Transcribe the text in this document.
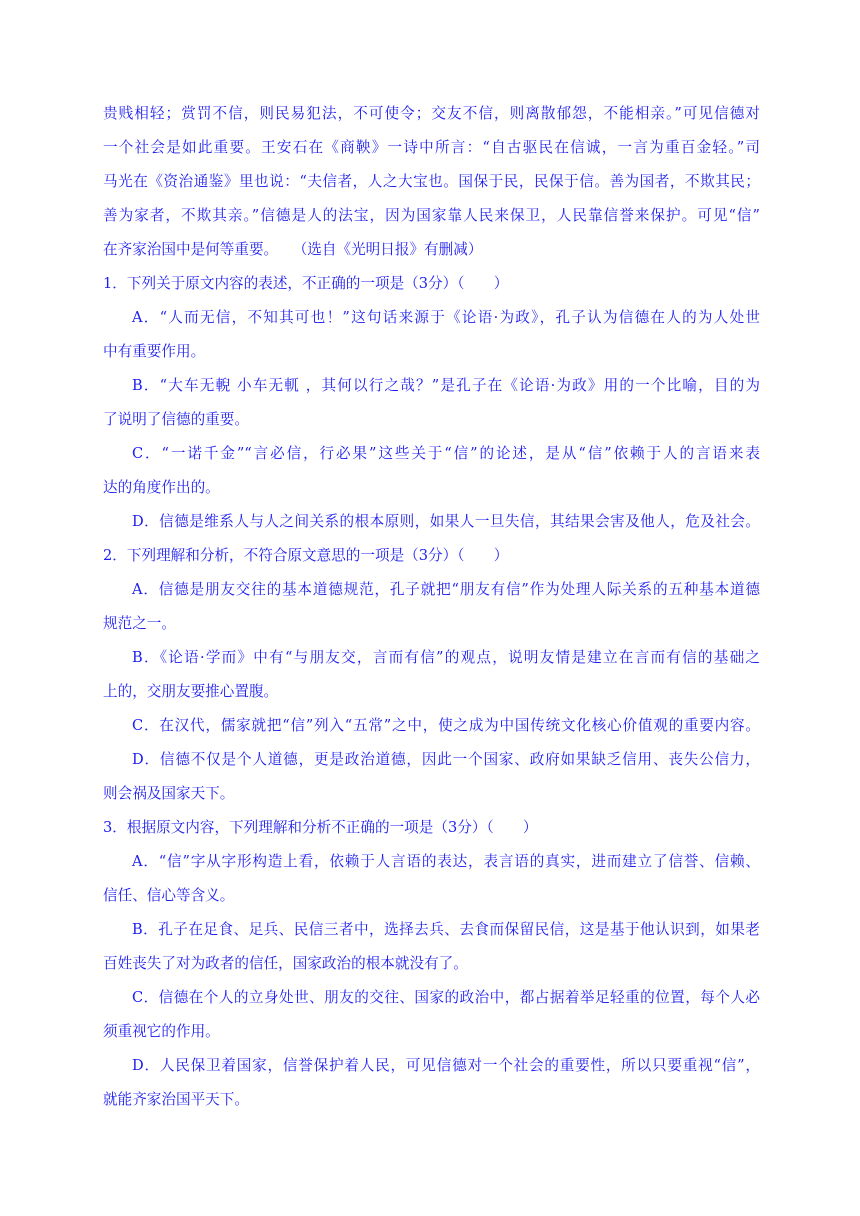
贵贱相轻；赏罚不信，则民易犯法，不可使令；交友不信，则离散郁怨，不能相亲。”可见信德对
一个社会是如此重要。王安石在《商鞅》一诗中所言：“自古驱民在信诚，一言为重百金轻。”司
马光在《资治通鉴》里也说：“夫信者，人之大宝也。国保于民，民保于信。善为国者，不欺其民；
善为家者，不欺其亲。”信德是人的法宝，因为国家靠人民来保卫，人民靠信誉来保护。可见“信”
在齐家治国中是何等重要。　　（选自《光明日报》有删减）
1．下列关于原文内容的表述，不正确的一项是（3分）（　　）
A．“人而无信，不知其可也！”这句话来源于《论语·为政》，孔子认为信德在人的为人处世
中有重要作用。
B．“大车无輗 小车无軏 ，其何以行之哉？”是孔子在《论语·为政》用的一个比喻，目的为
了说明了信德的重要。
C．“一诺千金”“言必信，行必果”这些关于“信”的论述，是从“信”依赖于人的言语来表
达的角度作出的。
D．信德是维系人与人之间关系的根本原则，如果人一旦失信，其结果会害及他人，危及社会。
2．下列理解和分析，不符合原文意思的一项是（3分）（　　）
A．信德是朋友交往的基本道德规范，孔子就把“朋友有信”作为处理人际关系的五种基本道德
规范之一。
B．《论语·学而》中有“与朋友交，言而有信”的观点，说明友情是建立在言而有信的基础之
上的，交朋友要推心置腹。
C．在汉代，儒家就把“信”列入“五常”之中，使之成为中国传统文化核心价值观的重要内容。
D．信德不仅是个人道德，更是政治道德，因此一个国家、政府如果缺乏信用、丧失公信力，
则会祸及国家天下。
3．根据原文内容，下列理解和分析不正确的一项是（3分）（　　）
A．“信”字从字形构造上看，依赖于人言语的表达，表言语的真实，进而建立了信誉、信赖、
信任、信心等含义。
B．孔子在足食、足兵、民信三者中，选择去兵、去食而保留民信，这是基于他认识到，如果老
百姓丧失了对为政者的信任，国家政治的根本就没有了。
C．信德在个人的立身处世、朋友的交往、国家的政治中，都占据着举足轻重的位置，每个人必
须重视它的作用。
D．人民保卫着国家，信誉保护着人民，可见信德对一个社会的重要性，所以只要重视“信”，
就能齐家治国平天下。
